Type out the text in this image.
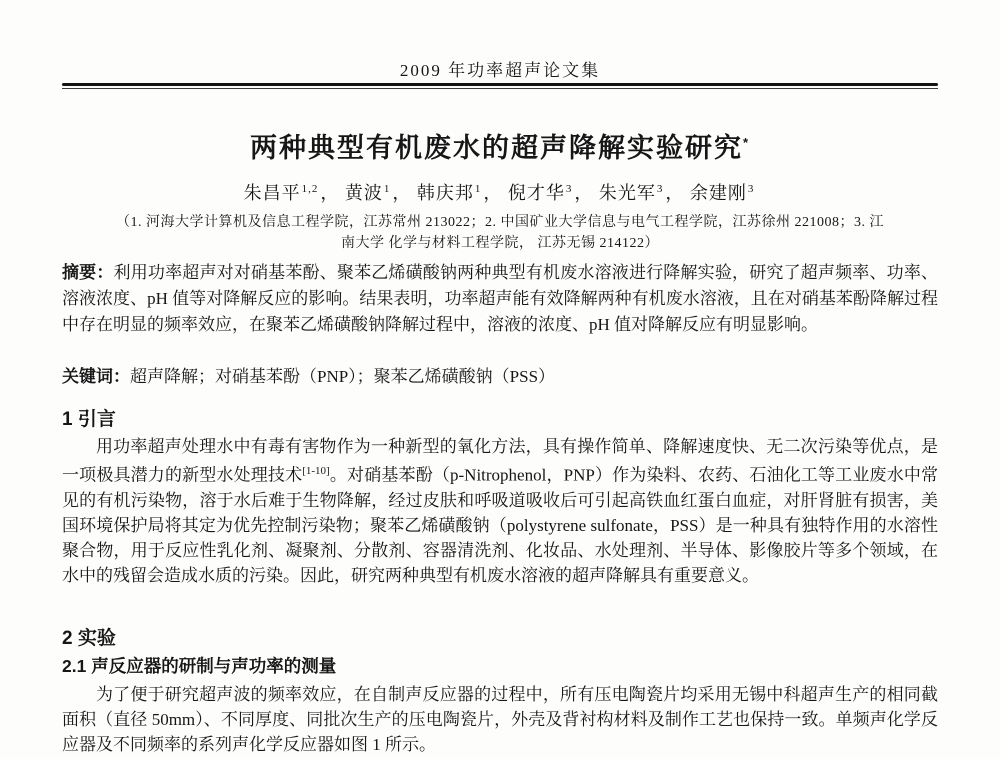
2009 年功率超声论文集
两种典型有机废水的超声降解实验研究*
朱昌平$^{1,2}$ ， 黄波$^1$ ， 韩庆邦$^1$ ， 倪才华$^3$ ， 朱光军$^3$ ， 余建刚$^3$
（1. 河海大学计算机及信息工程学院，江苏常州 213022；2. 中国矿业大学信息与电气工程学院，江苏徐州 221008；3. 江
南大学 化学与材料工程学院， 江苏无锡 214122）

摘要：利用功率超声对对硝基苯酚、聚苯乙烯磺酸钠两种典型有机废水溶液进行降解实验，研究了超声频率、功率、溶液浓度、pH 值等对降解反应的影响。结果表明，功率超声能有效降解两种有机废水溶液，且在对硝基苯酚降解过程中存在明显的频率效应，在聚苯乙烯磺酸钠降解过程中，溶液的浓度、pH 值对降解反应有明显影响。

关键词：超声降解；对硝基苯酚（PNP）；聚苯乙烯磺酸钠（PSS）

1 引言

用功率超声处理水中有毒有害物作为一种新型的氧化方法，具有操作简单、降解速度快、无二次污染等优点，是一项极具潜力的新型水处理技术[1-10]。对硝基苯酚（p-Nitrophenol，PNP）作为染料、农药、石油化工等工业废水中常见的有机污染物，溶于水后难于生物降解，经过皮肤和呼吸道吸收后可引起高铁血红蛋白血症，对肝肾脏有损害，美国环境保护局将其定为优先控制污染物；聚苯乙烯磺酸钠（polystyrene sulfonate，PSS）是一种具有独特作用的水溶性聚合物，用于反应性乳化剂、凝聚剂、分散剂、容器清洗剂、化妆品、水处理剂、半导体、影像胶片等多个领域，在水中的残留会造成水质的污染。因此，研究两种典型有机废水溶液的超声降解具有重要意义。

2 实验
2.1 声反应器的研制与声功率的测量

为了便于研究超声波的频率效应，在自制声反应器的过程中，所有压电陶瓷片均采用无锡中科超声生产的相同截面积（直径 50mm）、不同厚度、同批次生产的压电陶瓷片，外壳及背衬构材料及制作工艺也保持一致。单频声化学反应器及不同频率的系列声化学反应器如图 1 所示。
